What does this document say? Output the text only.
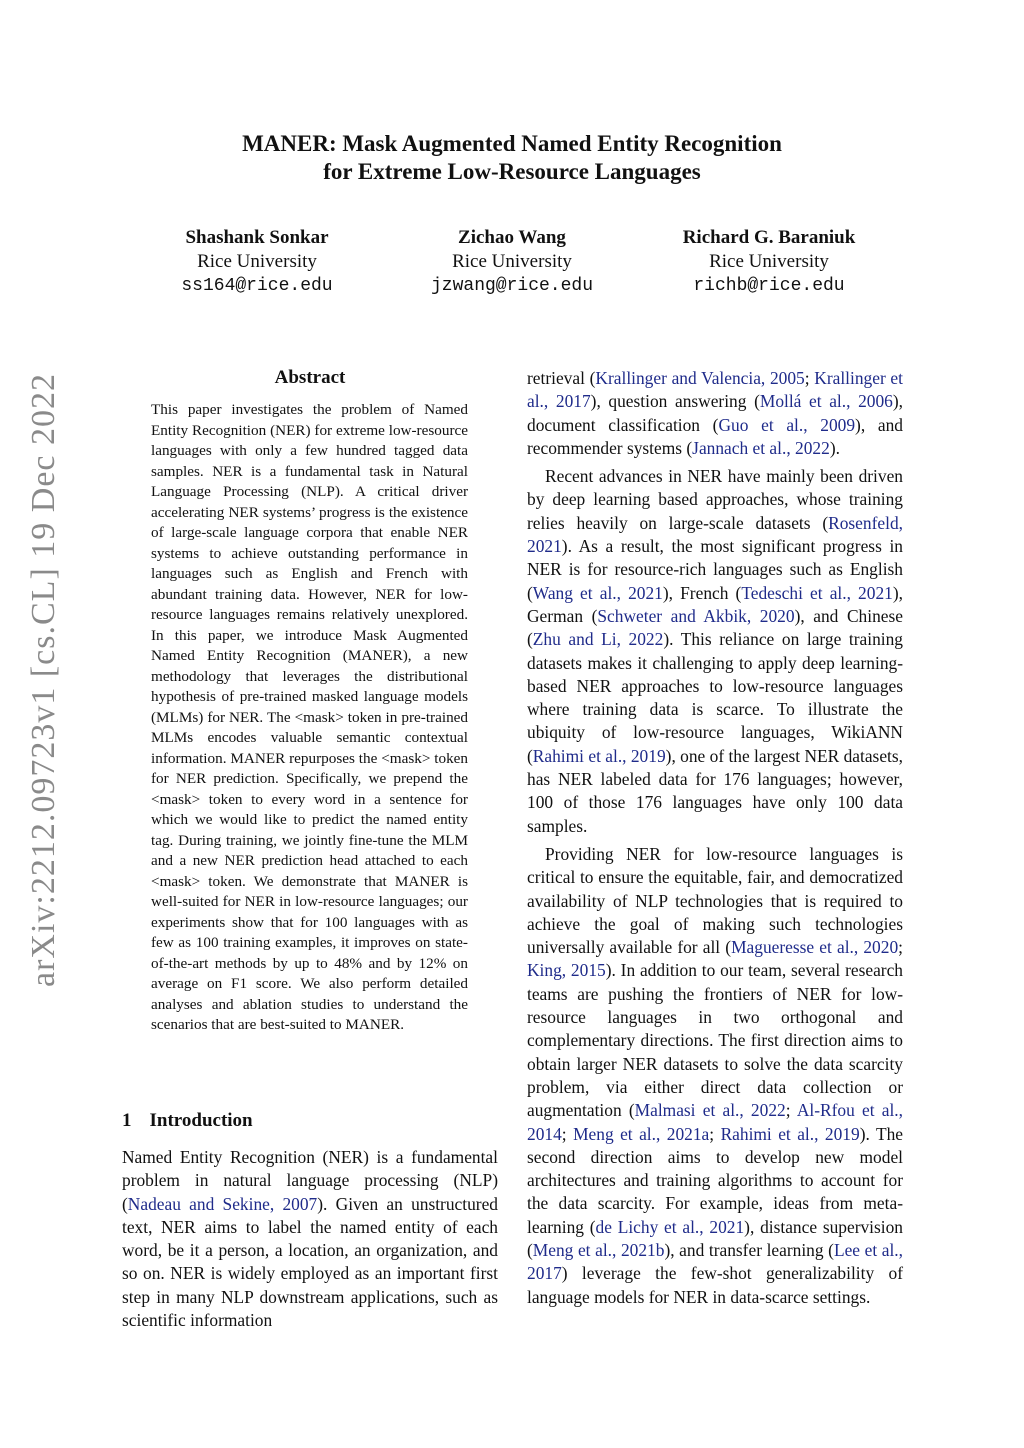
MANER: Mask Augmented Named Entity Recognition
for Extreme Low-Resource Languages
Shashank Sonkar
Rice University
ss164@rice.edu
Zichao Wang
Rice University
jzwang@rice.edu
Richard G. Baraniuk
Rice University
richb@rice.edu
arXiv:2212.09723v1 [cs.CL] 19 Dec 2022	Abstract
This paper investigates the problem of Named Entity Recognition (NER) for extreme low-resource languages with only a few hundred tagged data samples. NER is a fundamental task in Natural Language Processing (NLP). A critical driver accelerating NER systems’ progress is the existence of large-scale language corpora that enable NER systems to achieve outstanding performance in languages such as English and French with abundant training data. However, NER for low-resource languages remains relatively unexplored. In this paper, we introduce Mask Augmented Named Entity Recognition (MANER), a new methodology that leverages the distributional hypothesis of pre-trained masked language models (MLMs) for NER. The <mask> token in pre-trained MLMs encodes valuable semantic contextual information. MANER repurposes the <mask> token for NER prediction. Specifically, we prepend the <mask> token to every word in a sentence for which we would like to predict the named entity tag. During training, we jointly fine-tune the MLM and a new NER prediction head attached to each <mask> token. We demonstrate that MANER is well-suited for NER in low-resource languages; our experiments show that for 100 languages with as few as 100 training examples, it improves on state-of-the-art methods by up to 48% and by 12% on average on F1 score. We also perform detailed analyses and ablation studies to understand the scenarios that are best-suited to MANER.
1 Introduction
Named Entity Recognition (NER) is a fundamental problem in natural language processing (NLP) (Nadeau and Sekine, 2007). Given an unstructured text, NER aims to label the named entity of each word, be it a person, a location, an organization, and so on. NER is widely employed as an important first step in many NLP downstream applications, such as scientific information

retrieval (Krallinger and Valencia, 2005; Krallinger et al., 2017), question answering (Mollá et al., 2006), document classification (Guo et al., 2009), and recommender systems (Jannach et al., 2022).

Recent advances in NER have mainly been driven by deep learning based approaches, whose training relies heavily on large-scale datasets (Rosenfeld, 2021). As a result, the most significant progress in NER is for resource-rich languages such as English (Wang et al., 2021), French (Tedeschi et al., 2021), German (Schweter and Akbik, 2020), and Chinese (Zhu and Li, 2022). This reliance on large training datasets makes it challenging to apply deep learning-based NER approaches to low-resource languages where training data is scarce. To illustrate the ubiquity of low-resource languages, WikiANN (Rahimi et al., 2019), one of the largest NER datasets, has NER labeled data for 176 languages; however, 100 of those 176 languages have only 100 data samples.

Providing NER for low-resource languages is critical to ensure the equitable, fair, and democratized availability of NLP technologies that is required to achieve the goal of making such technologies universally available for all (Magueresse et al., 2020; King, 2015). In addition to our team, several research teams are pushing the frontiers of NER for low-resource languages in two orthogonal and complementary directions. The first direction aims to obtain larger NER datasets to solve the data scarcity problem, via either direct data collection or augmentation (Malmasi et al., 2022; Al-Rfou et al., 2014; Meng et al., 2021a; Rahimi et al., 2019). The second direction aims to develop new model architectures and training algorithms to account for the data scarcity. For example, ideas from meta-learning (de Lichy et al., 2021), distance supervision (Meng et al., 2021b), and transfer learning (Lee et al., 2017) leverage the few-shot generalizability of language models for NER in data-scarce settings.
